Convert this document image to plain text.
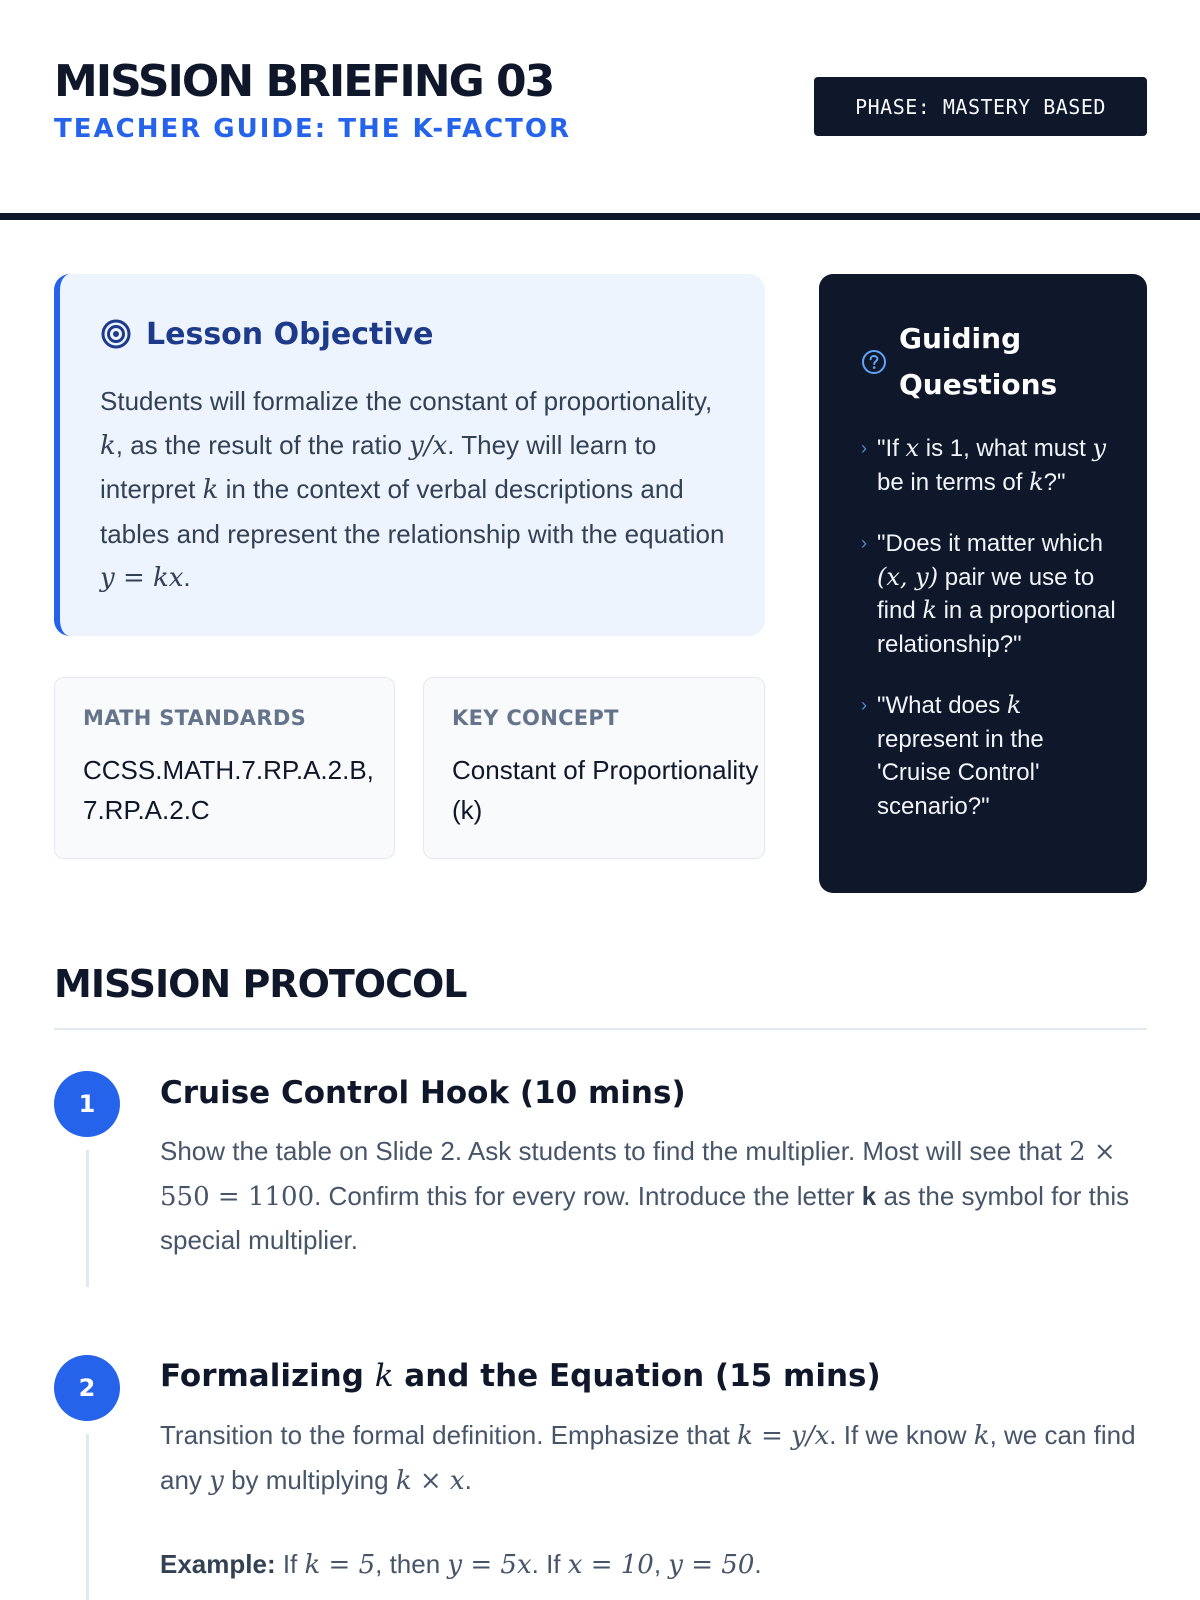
MISSION BRIEFING 03
TEACHER GUIDE: THE K-FACTOR
PHASE: MASTERY BASED
Lesson Objective

Students will formalize the constant of proportionality, k, as the result of the ratio y/x. They will learn to interpret k in the context of verbal descriptions and tables and represent the relationship with the equation y = kx.

MATH STANDARDS
CCSS.MATH.7.RP.A.2.B, 7.RP.A.2.C
KEY CONCEPT
Constant of Proportionality (k)
Guiding Questions
› "If x is 1, what must y be in terms of k?"
› "Does it matter which (x, y) pair we use to find k in a proportional relationship?"
› "What does k represent in the 'Cruise Control' scenario?"
MISSION PROTOCOL
1	Cruise Control Hook (10 mins)

Show the table on Slide 2. Ask students to find the multiplier. Most will see that 2 × 550 = 1100. Confirm this for every row. Introduce the letter k as the symbol for this special multiplier.

2	Formalizing k and the Equation (15 mins)

Transition to the formal definition. Emphasize that k = y/x. If we know k, we can find any y by multiplying k × x.

Example: If k = 5, then y = 5x. If x = 10, y = 50.
